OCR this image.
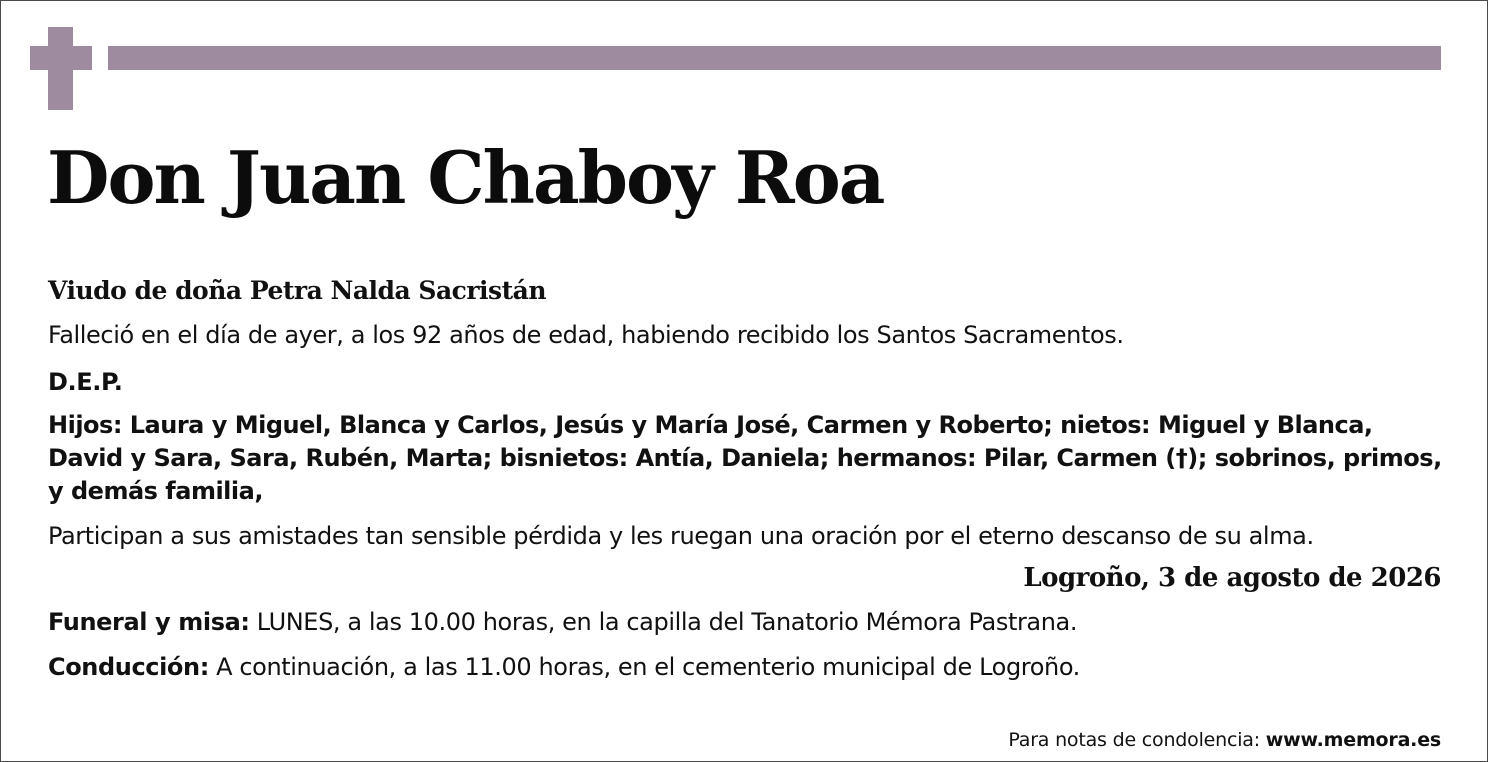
Don Juan Chaboy Roa
Viudo de doña Petra Nalda Sacristán
Falleció en el día de ayer, a los 92 años de edad, habiendo recibido los Santos Sacramentos.
D.E.P.
Hijos: Laura y Miguel, Blanca y Carlos, Jesús y María José, Carmen y Roberto; nietos: Miguel y Blanca, David y Sara, Sara, Rubén, Marta; bisnietos: Antía, Daniela; hermanos: Pilar, Carmen (†); sobrinos, primos, y demás familia,
Participan a sus amistades tan sensible pérdida y les ruegan una oración por el eterno descanso de su alma.
Logroño, 3 de agosto de 2026
Funeral y misa: LUNES, a las 10.00 horas, en la capilla del Tanatorio Mémora Pastrana.
Conducción: A continuación, a las 11.00 horas, en el cementerio municipal de Logroño.
Para notas de condolencia: www.memora.es
